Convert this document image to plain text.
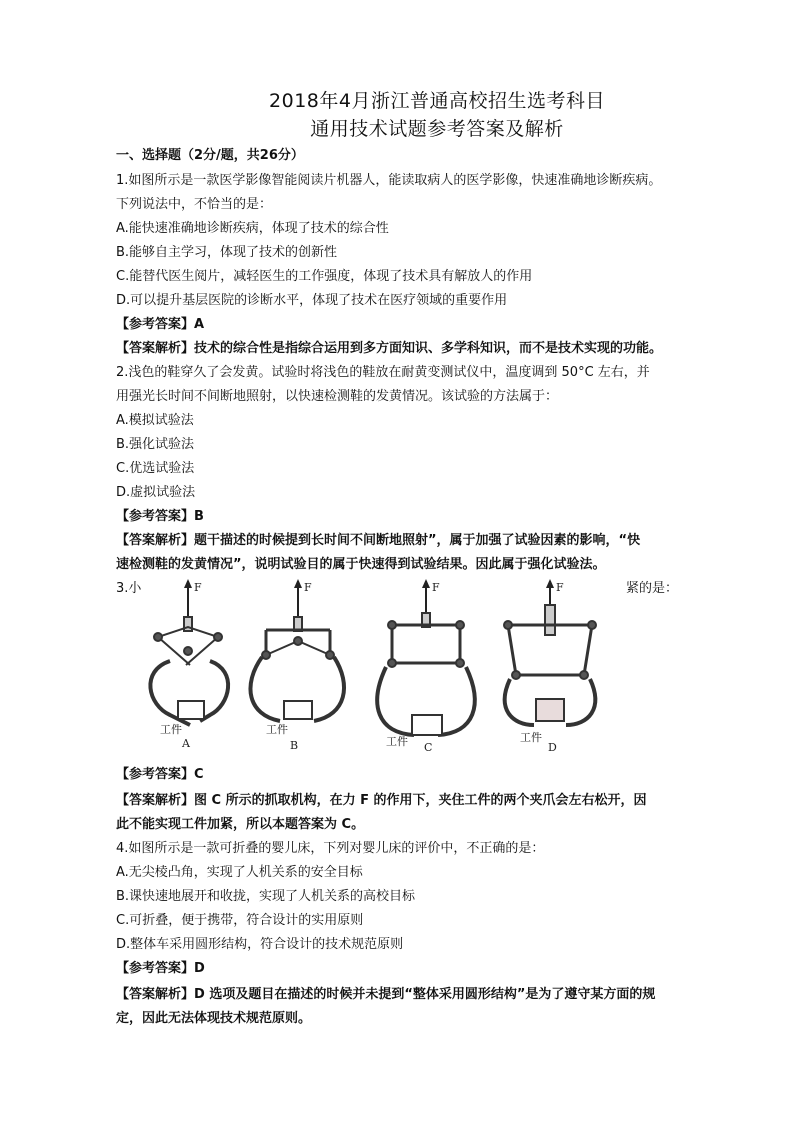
2018年4月浙江普通高校招生选考科目
通用技术试题参考答案及解析
一、选择题（2分/题，共26分）
1.如图所示是一款医学影像智能阅读片机器人，能读取病人的医学影像，快速准确地诊断疾病。
下列说法中，不恰当的是：
A.能快速准确地诊断疾病，体现了技术的综合性
B.能够自主学习，体现了技术的创新性
C.能替代医生阅片，减轻医生的工作强度，体现了技术具有解放人的作用
D.可以提升基层医院的诊断水平，体现了技术在医疗领域的重要作用
【参考答案】A
【答案解析】技术的综合性是指综合运用到多方面知识、多学科知识，而不是技术实现的功能。
2.浅色的鞋穿久了会发黄。试验时将浅色的鞋放在耐黄变测试仪中，温度调到 50°C 左右，并
用强光长时间不间断地照射，以快速检测鞋的发黄情况。该试验的方法属于：
A.模拟试验法
B.强化试验法
C.优选试验法
D.虚拟试验法
【参考答案】B
【答案解析】题干描述的时候提到长时间不间断地照射”，属于加强了试验因素的影响，“快
速检测鞋的发黄情况”，说明试验目的属于快速得到试验结果。因此属于强化试验法。
3.小	紧的是：
F	F	F	F
工件	工件
工件	工件
A	B	C	D
【参考答案】C
【答案解析】图 C 所示的抓取机构，在力 F 的作用下，夹住工件的两个夹爪会左右松开，因
此不能实现工件加紧，所以本题答案为 C。
4.如图所示是一款可折叠的婴儿床，下列对婴儿床的评价中，不正确的是：
A.无尖棱凸角，实现了人机关系的安全目标
B.课快速地展开和收拢，实现了人机关系的高校目标
C.可折叠，便于携带，符合设计的实用原则
D.整体车采用圆形结构，符合设计的技术规范原则
【参考答案】D
【答案解析】D 选项及题目在描述的时候并未提到“整体采用圆形结构”是为了遵守某方面的规
定，因此无法体现技术规范原则。
